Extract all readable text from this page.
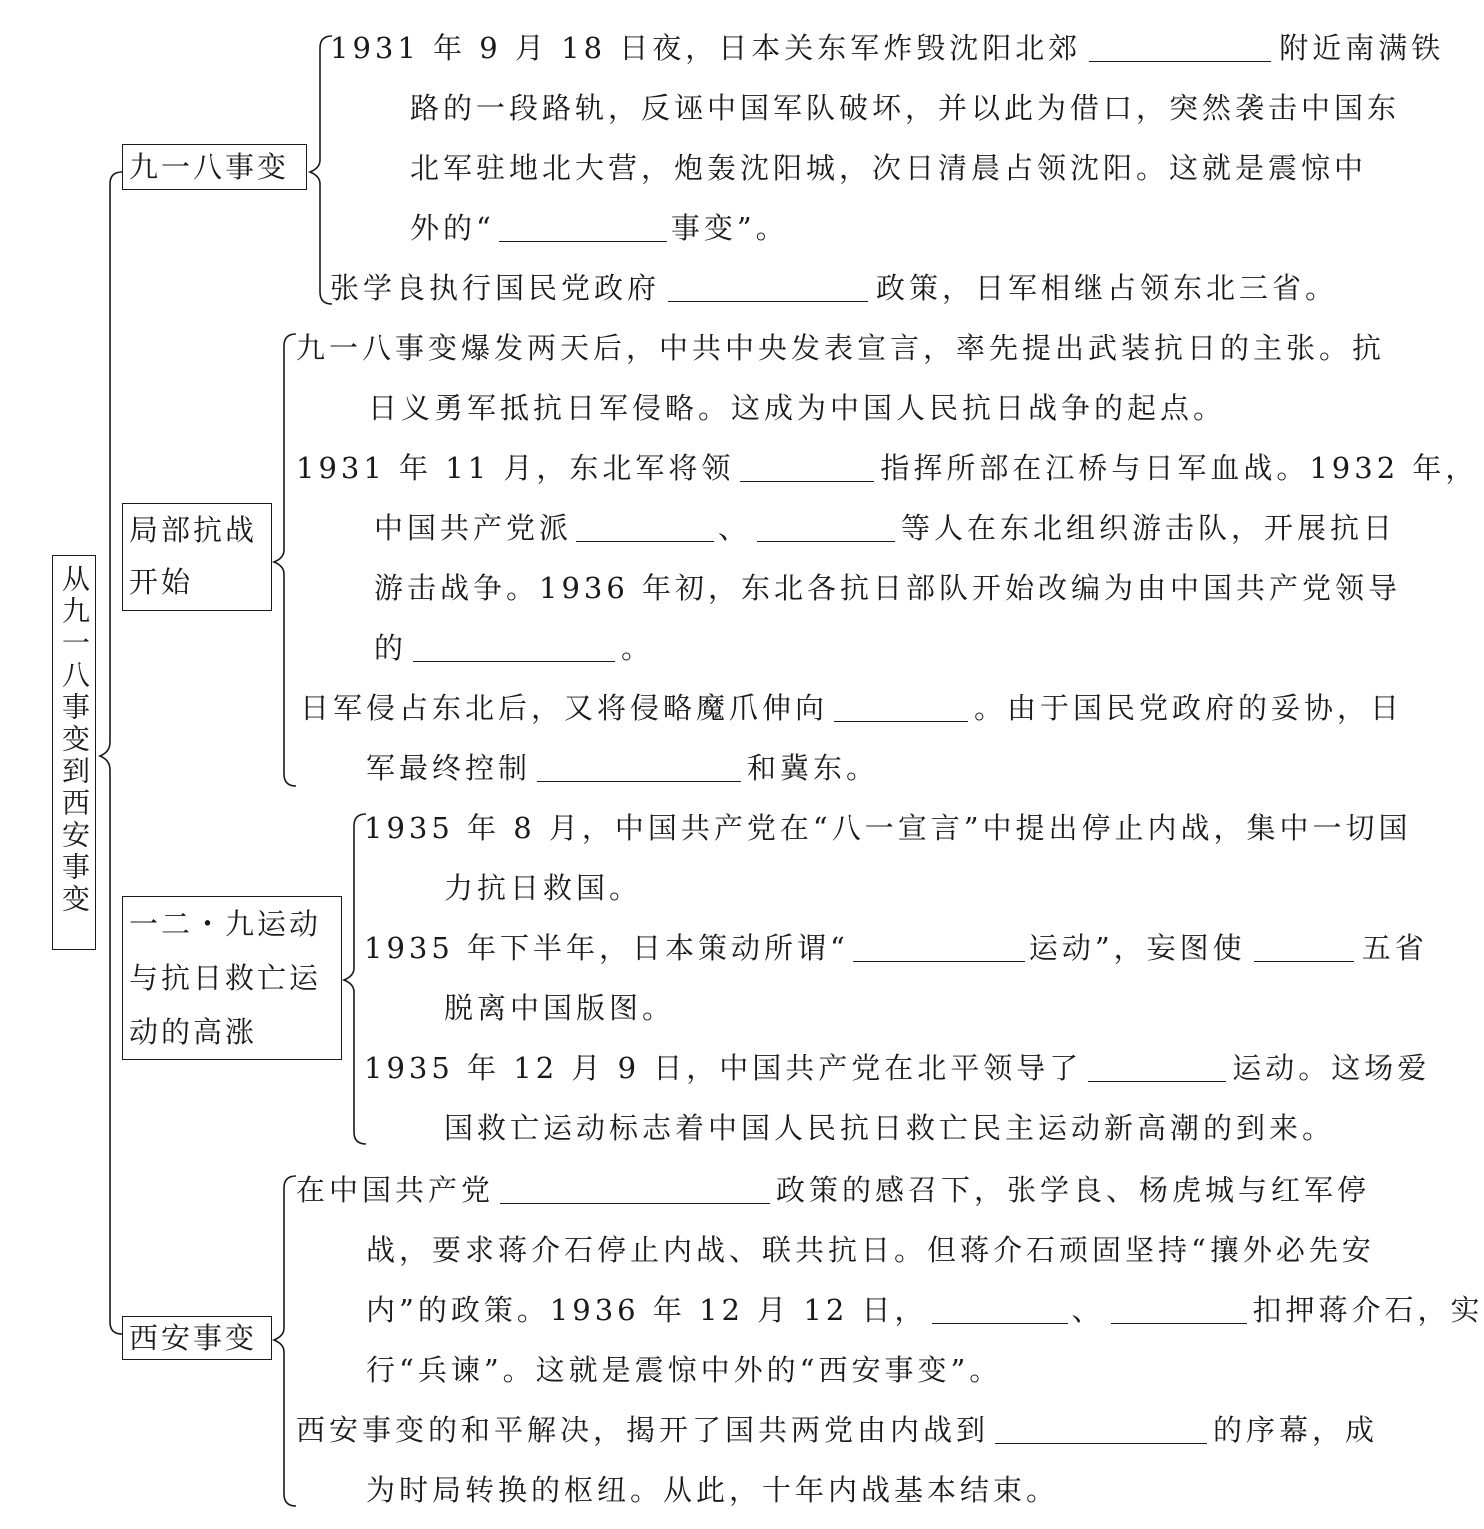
从九一八事变到西安事变
九一八事变
局部抗战
开始
一二・九运动
与抗日救亡运
动的高涨
西安事变
1931 年 9 月 18 日夜，日本关东军炸毁沈阳北郊	附近南满铁
路的一段路轨，反诬中国军队破坏，并以此为借口，突然袭击中国东
北军驻地北大营，炮轰沈阳城，次日清晨占领沈阳。这就是震惊中
外的“	事变”。
张学良执行国民党政府	政策，日军相继占领东北三省。
九一八事变爆发两天后，中共中央发表宣言，率先提出武装抗日的主张。抗
日义勇军抵抗日军侵略。这成为中国人民抗日战争的起点。
1931 年 11 月，东北军将领	指挥所部在江桥与日军血战。1932 年，
中国共产党派	、	等人在东北组织游击队，开展抗日
游击战争。1936 年初，东北各抗日部队开始改编为由中国共产党领导
的	。
日军侵占东北后，又将侵略魔爪伸向	。由于国民党政府的妥协，日
军最终控制	和冀东。
1935 年 8 月，中国共产党在“八一宣言”中提出停止内战，集中一切国
力抗日救国。
1935 年下半年，日本策动所谓“	运动”，妄图使	五省
脱离中国版图。
1935 年 12 月 9 日，中国共产党在北平领导了	运动。这场爱
国救亡运动标志着中国人民抗日救亡民主运动新高潮的到来。
在中国共产党	政策的感召下，张学良、杨虎城与红军停
战，要求蒋介石停止内战、联共抗日。但蒋介石顽固坚持“攘外必先安
内”的政策。1936 年 12 月 12 日，	、	扣押蒋介石，实
行“兵谏”。这就是震惊中外的“西安事变”。
西安事变的和平解决，揭开了国共两党由内战到	的序幕，成
为时局转换的枢纽。从此，十年内战基本结束。
